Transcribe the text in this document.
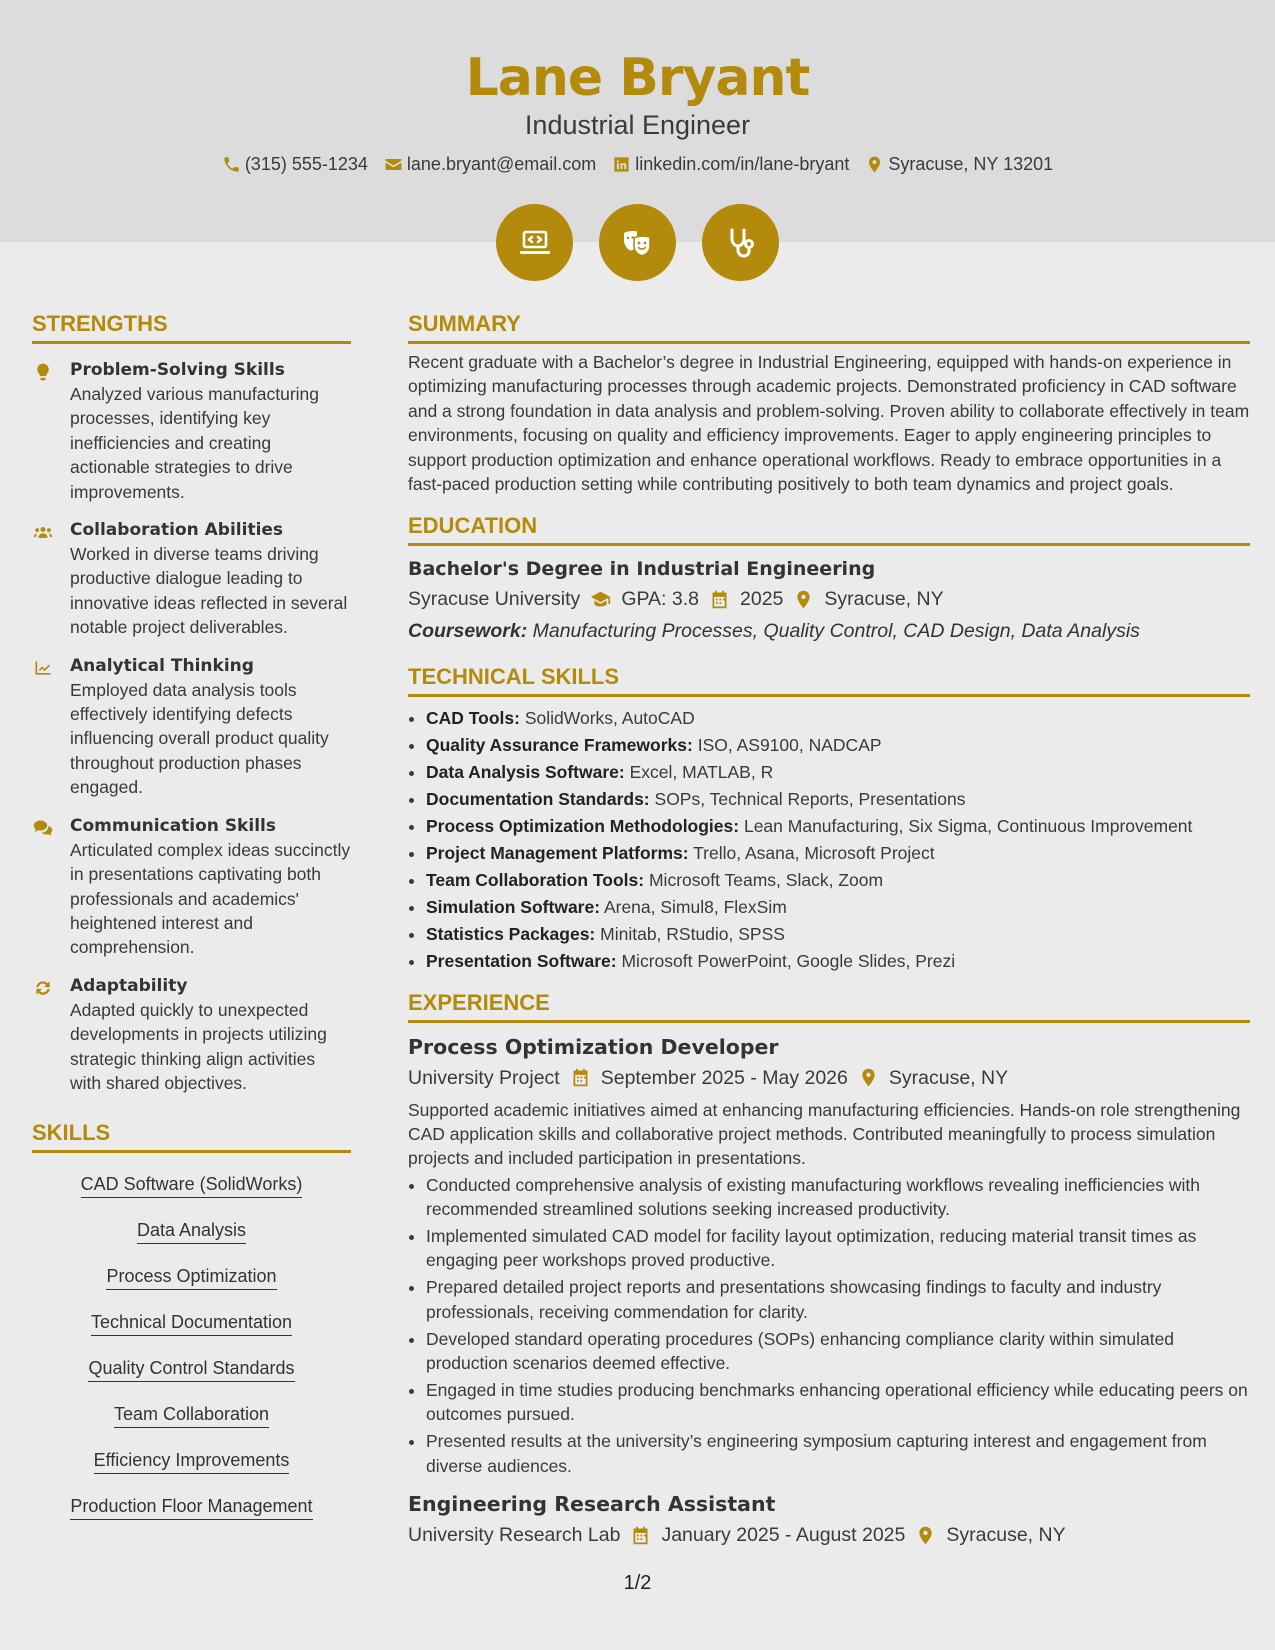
Lane Bryant
Industrial Engineer
(315) 555-1234 lane.bryant@email.com linkedin.com/in/lane-bryant Syracuse, NY 13201
STRENGTHS
Problem-Solving Skills
Analyzed various manufacturing processes, identifying key inefficiencies and creating actionable strategies to drive improvements.
Collaboration Abilities
Worked in diverse teams driving productive dialogue leading to innovative ideas reflected in several notable project deliverables.
Analytical Thinking
Employed data analysis tools effectively identifying defects influencing overall product quality throughout production phases engaged.
Communication Skills
Articulated complex ideas succinctly in presentations captivating both professionals and academics' heightened interest and comprehension.
Adaptability
Adapted quickly to unexpected developments in projects utilizing strategic thinking align activities with shared objectives.
SKILLS
CAD Software (SolidWorks)
Data Analysis
Process Optimization
Technical Documentation
Quality Control Standards
Team Collaboration
Efficiency Improvements
Production Floor Management
SUMMARY
Recent graduate with a Bachelor’s degree in Industrial Engineering, equipped with hands-on experience in optimizing manufacturing processes through academic projects. Demonstrated proficiency in CAD software and a strong foundation in data analysis and problem-solving. Proven ability to collaborate effectively in team environments, focusing on quality and efficiency improvements. Eager to apply engineering principles to support production optimization and enhance operational workflows. Ready to embrace opportunities in a fast-paced production setting while contributing positively to both team dynamics and project goals.
EDUCATION
Bachelor's Degree in Industrial Engineering
Syracuse University GPA: 3.8 2025 Syracuse, NY
Coursework: Manufacturing Processes, Quality Control, CAD Design, Data Analysis
TECHNICAL SKILLS
• CAD Tools: SolidWorks, AutoCAD
• Quality Assurance Frameworks: ISO, AS9100, NADCAP
• Data Analysis Software: Excel, MATLAB, R
• Documentation Standards: SOPs, Technical Reports, Presentations
• Process Optimization Methodologies: Lean Manufacturing, Six Sigma, Continuous Improvement
• Project Management Platforms: Trello, Asana, Microsoft Project
• Team Collaboration Tools: Microsoft Teams, Slack, Zoom
• Simulation Software: Arena, Simul8, FlexSim
• Statistics Packages: Minitab, RStudio, SPSS
• Presentation Software: Microsoft PowerPoint, Google Slides, Prezi
EXPERIENCE
Process Optimization Developer
University Project September 2025 - May 2026 Syracuse, NY
Supported academic initiatives aimed at enhancing manufacturing efficiencies. Hands-on role strengthening CAD application skills and collaborative project methods. Contributed meaningfully to process simulation projects and included participation in presentations.
• Conducted comprehensive analysis of existing manufacturing workflows revealing inefficiencies with recommended streamlined solutions seeking increased productivity.
• Implemented simulated CAD model for facility layout optimization, reducing material transit times as engaging peer workshops proved productive.
• Prepared detailed project reports and presentations showcasing findings to faculty and industry professionals, receiving commendation for clarity.
• Developed standard operating procedures (SOPs) enhancing compliance clarity within simulated production scenarios deemed effective.
• Engaged in time studies producing benchmarks enhancing operational efficiency while educating peers on outcomes pursued.
• Presented results at the university’s engineering symposium capturing interest and engagement from diverse audiences.
Engineering Research Assistant
University Research Lab January 2025 - August 2025 Syracuse, NY
1/2
